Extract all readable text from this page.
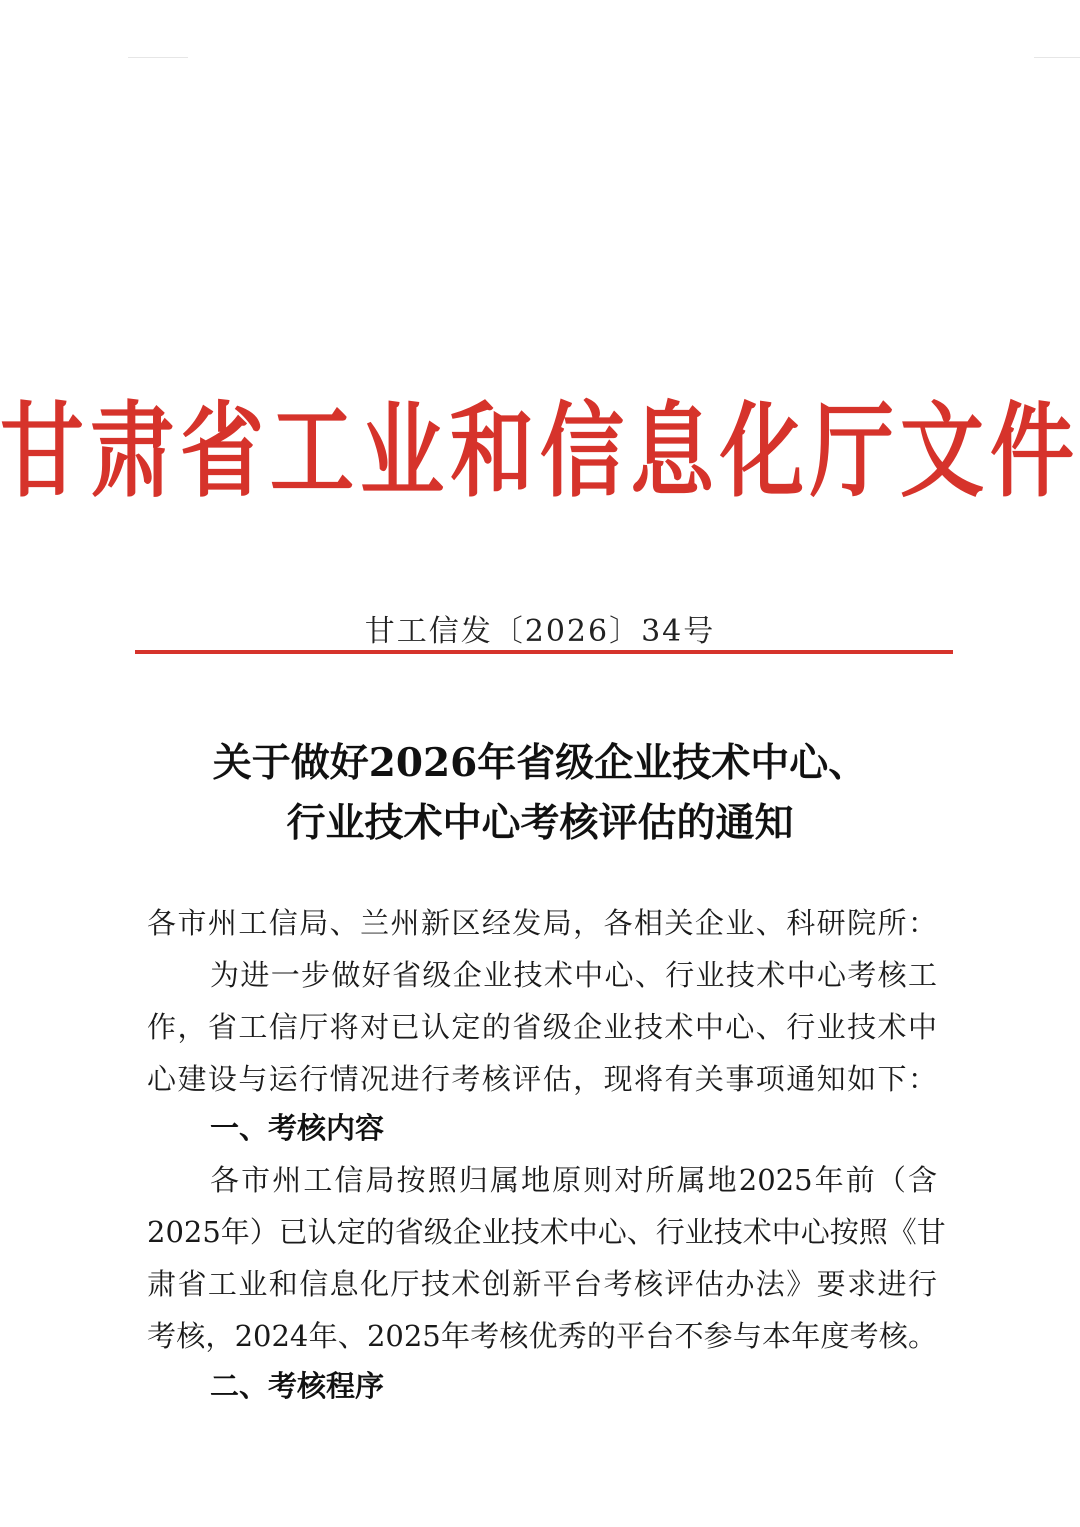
甘肃省工业和信息化厅文件
甘工信发〔2026〕34号
关于做好2026年省级企业技术中心、
行业技术中心考核评估的通知
各市州工信局、兰州新区经发局，各相关企业、科研院所：
为进一步做好省级企业技术中心、行业技术中心考核工
作，省工信厅将对已认定的省级企业技术中心、行业技术中
心建设与运行情况进行考核评估，现将有关事项通知如下：
一、考核内容
各市州工信局按照归属地原则对所属地2025年前（含
2025年）已认定的省级企业技术中心、行业技术中心按照《甘
肃省工业和信息化厅技术创新平台考核评估办法》要求进行
考核，2024年、2025年考核优秀的平台不参与本年度考核。
二、考核程序
